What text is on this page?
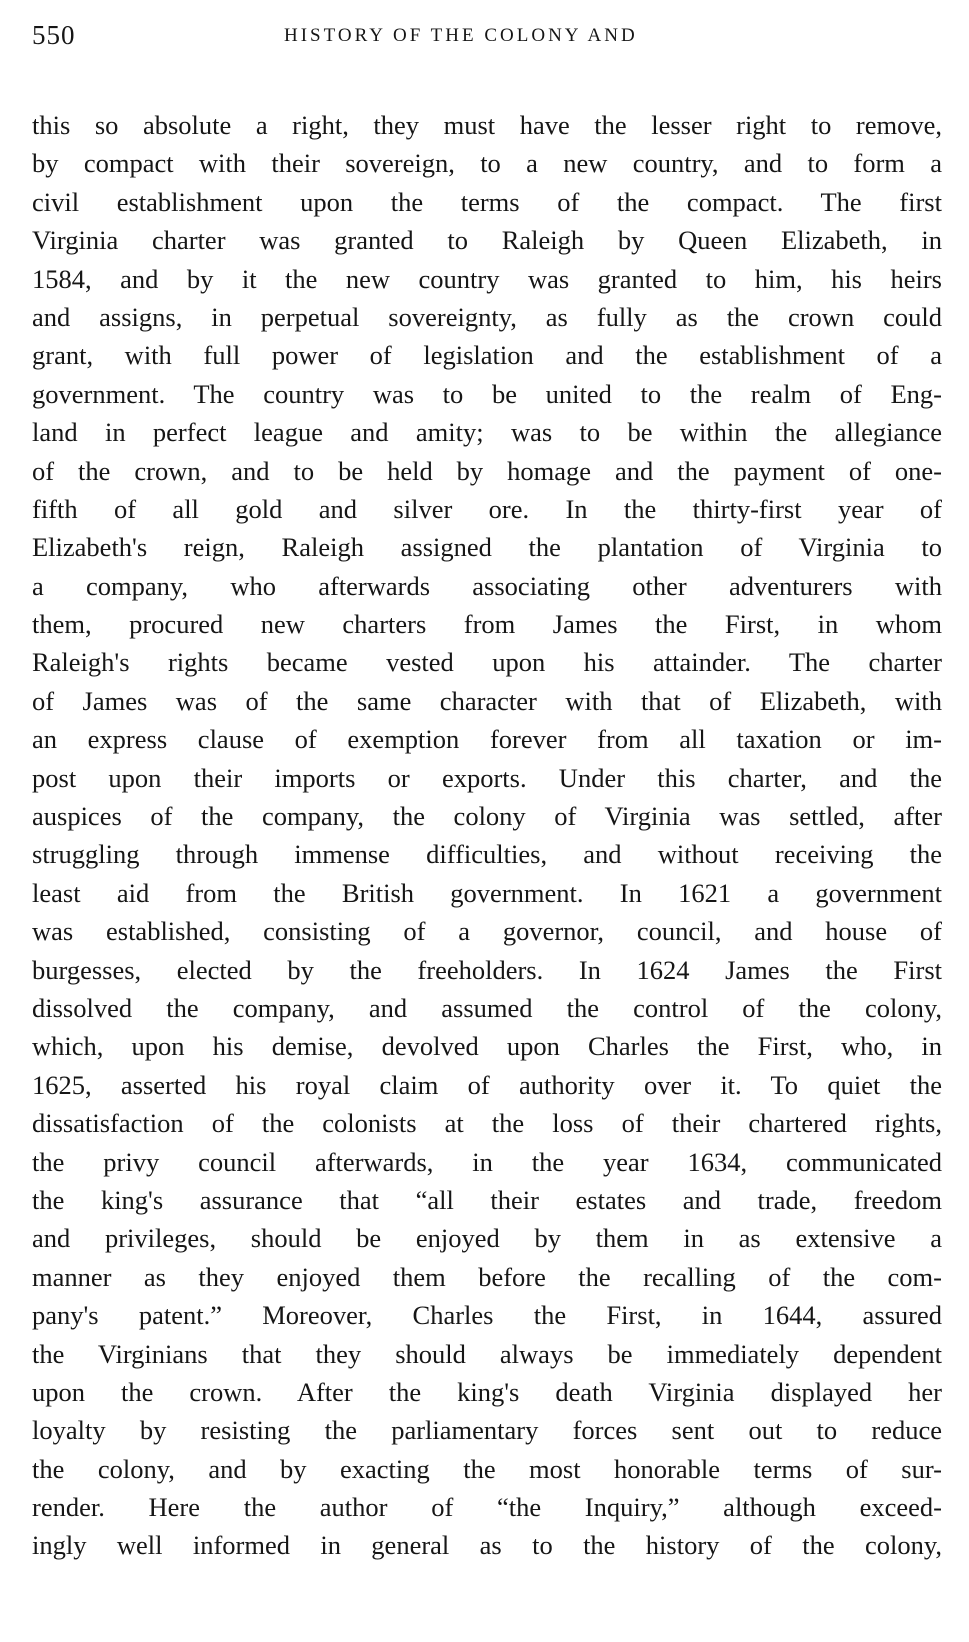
550	HISTORY OF THE COLONY AND
this so absolute a right, they must have the lesser right to remove,
by compact with their sovereign, to a new country, and to form a
civil establishment upon the terms of the compact. The first
Virginia charter was granted to Raleigh by Queen Elizabeth, in
1584, and by it the new country was granted to him, his heirs
and assigns, in perpetual sovereignty, as fully as the crown could
grant, with full power of legislation and the establishment of a
government. The country was to be united to the realm of Eng-
land in perfect league and amity; was to be within the allegiance
of the crown, and to be held by homage and the payment of one-
fifth of all gold and silver ore. In the thirty-first year of
Elizabeth's reign, Raleigh assigned the plantation of Virginia to
a company, who afterwards associating other adventurers with
them, procured new charters from James the First, in whom
Raleigh's rights became vested upon his attainder. The charter
of James was of the same character with that of Elizabeth, with
an express clause of exemption forever from all taxation or im-
post upon their imports or exports. Under this charter, and the
auspices of the company, the colony of Virginia was settled, after
struggling through immense difficulties, and without receiving the
least aid from the British government. In 1621 a government
was established, consisting of a governor, council, and house of
burgesses, elected by the freeholders. In 1624 James the First
dissolved the company, and assumed the control of the colony,
which, upon his demise, devolved upon Charles the First, who, in
1625, asserted his royal claim of authority over it. To quiet the
dissatisfaction of the colonists at the loss of their chartered rights,
the privy council afterwards, in the year 1634, communicated
the king's assurance that “all their estates and trade, freedom
and privileges, should be enjoyed by them in as extensive a
manner as they enjoyed them before the recalling of the com-
pany's patent.” Moreover, Charles the First, in 1644, assured
the Virginians that they should always be immediately dependent
upon the crown. After the king's death Virginia displayed her
loyalty by resisting the parliamentary forces sent out to reduce
the colony, and by exacting the most honorable terms of sur-
render. Here the author of “the Inquiry,” although exceed-
ingly well informed in general as to the history of the colony,
